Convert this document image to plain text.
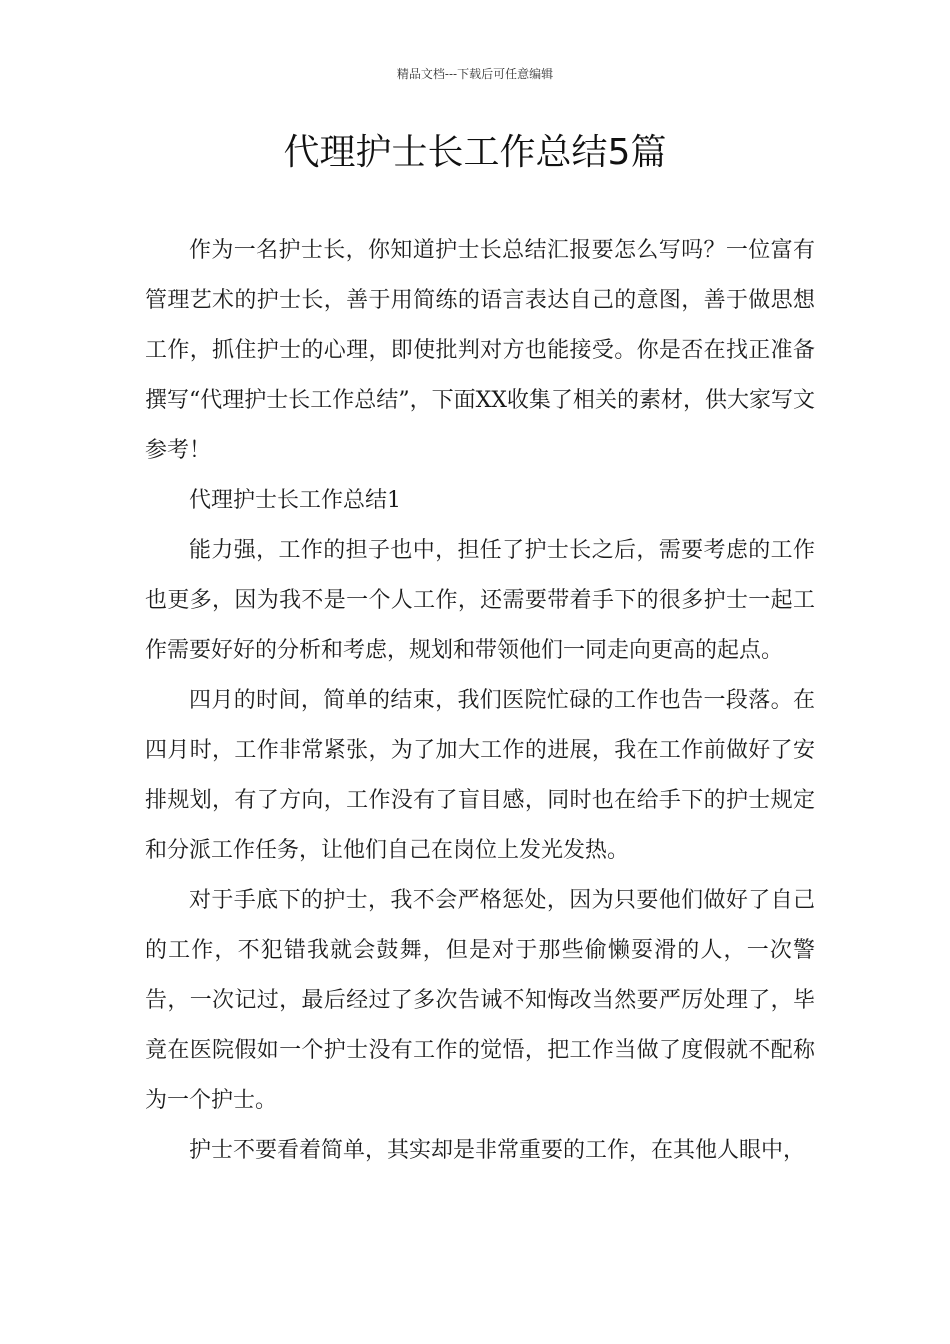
精品文档---下载后可任意编辑
代理护士长工作总结5篇

作为一名护士长，你知道护士长总结汇报要怎么写吗？一位富有管理艺术的护士长，善于用简练的语言表达自己的意图，善于做思想工作，抓住护士的心理，即使批判对方也能接受。你是否在找正准备撰写“代理护士长工作总结”，下面XX收集了相关的素材，供大家写文参考！

代理护士长工作总结1

能力强，工作的担子也中，担任了护士长之后，需要考虑的工作也更多，因为我不是一个人工作，还需要带着手下的很多护士一起工作需要好好的分析和考虑，规划和带领他们一同走向更高的起点。

四月的时间，简单的结束，我们医院忙碌的工作也告一段落。在四月时，工作非常紧张，为了加大工作的进展，我在工作前做好了安排规划，有了方向，工作没有了盲目感，同时也在给手下的护士规定和分派工作任务，让他们自己在岗位上发光发热。

对于手底下的护士，我不会严格惩处，因为只要他们做好了自己的工作，不犯错我就会鼓舞，但是对于那些偷懒耍滑的人，一次警告，一次记过，最后经过了多次告诫不知悔改当然要严厉处理了，毕竟在医院假如一个护士没有工作的觉悟，把工作当做了度假就不配称为一个护士。

护士不要看着简单，其实却是非常重要的工作，在其他人眼中，
